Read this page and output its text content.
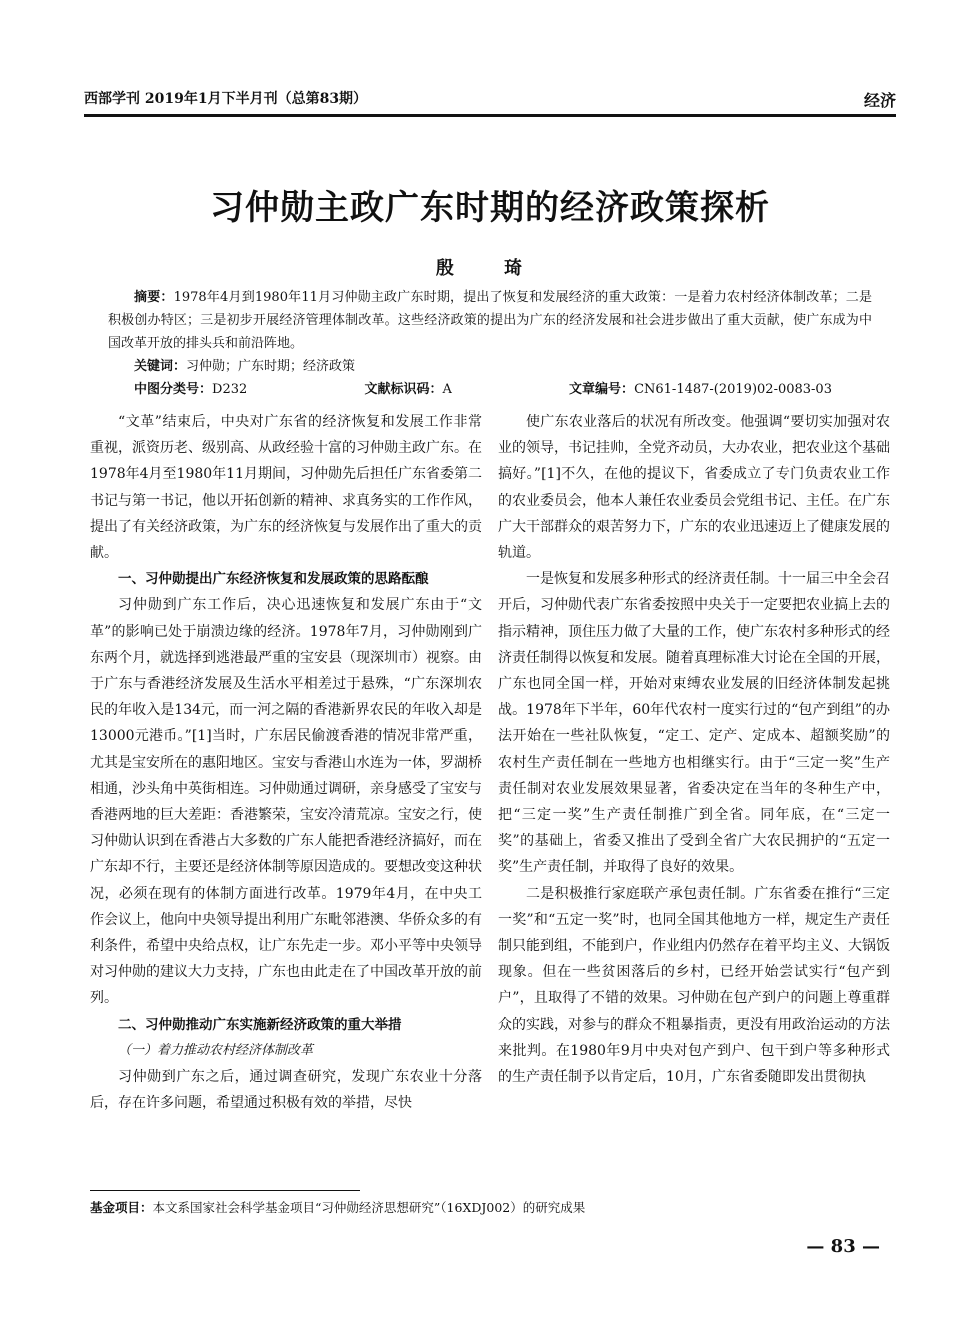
西部学刊 2019年1月下半月刊（总第83期）	经济
习仲勋主政广东时期的经济政策探析
殷 琦
摘要：1978年4月到1980年11月习仲勋主政广东时期，提出了恢复和发展经济的重大政策：一是着力农村经济体制改革；二是积极创办特区；三是初步开展经济管理体制改革。这些经济政策的提出为广东的经济发展和社会进步做出了重大贡献，使广东成为中国改革开放的排头兵和前沿阵地。
关键词：习仲勋；广东时期；经济政策
中图分类号：D232	文献标识码：A	文章编号：CN61-1487-(2019)02-0083-03

“文革”结束后，中央对广东省的经济恢复和发展工作非常重视，派资历老、级别高、从政经验十富的习仲勋主政广东。在1978年4月至1980年11月期间，习仲勋先后担任广东省委第二书记与第一书记，他以开拓创新的精神、求真务实的工作作风，提出了有关经济政策，为广东的经济恢复与发展作出了重大的贡献。

一、习仲勋提出广东经济恢复和发展政策的思路酝酿

习仲勋到广东工作后，决心迅速恢复和发展广东由于“文革”的影响已处于崩溃边缘的经济。1978年7月，习仲勋刚到广东两个月，就选择到逃港最严重的宝安县（现深圳市）视察。由于广东与香港经济发展及生活水平相差过于悬殊，“广东深圳农民的年收入是134元，而一河之隔的香港新界农民的年收入却是13000元港币。”[1]当时，广东居民偷渡香港的情况非常严重，尤其是宝安所在的惠阳地区。宝安与香港山水连为一体，罗湖桥相通，沙头角中英街相连。习仲勋通过调研，亲身感受了宝安与香港两地的巨大差距：香港繁荣，宝安冷清荒凉。宝安之行，使习仲勋认识到在香港占大多数的广东人能把香港经济搞好，而在广东却不行，主要还是经济体制等原因造成的。要想改变这种状况，必须在现有的体制方面进行改革。1979年4月，在中央工作会议上，他向中央领导提出利用广东毗邻港澳、华侨众多的有利条件，希望中央给点权，让广东先走一步。邓小平等中央领导对习仲勋的建议大力支持，广东也由此走在了中国改革开放的前列。

二、习仲勋推动广东实施新经济政策的重大举措

（一）着力推动农村经济体制改革

习仲勋到广东之后，通过调查研究，发现广东农业十分落后，存在许多问题，希望通过积极有效的举措，尽快

使广东农业落后的状况有所改变。他强调“要切实加强对农业的领导，书记挂帅，全党齐动员，大办农业，把农业这个基础搞好。”[1]不久，在他的提议下，省委成立了专门负责农业工作的农业委员会，他本人兼任农业委员会党组书记、主任。在广东广大干部群众的艰苦努力下，广东的农业迅速迈上了健康发展的轨道。

一是恢复和发展多种形式的经济责任制。十一届三中全会召开后，习仲勋代表广东省委按照中央关于一定要把农业搞上去的指示精神，顶住压力做了大量的工作，使广东农村多种形式的经济责任制得以恢复和发展。随着真理标准大讨论在全国的开展，广东也同全国一样，开始对束缚农业发展的旧经济体制发起挑战。1978年下半年，60年代农村一度实行过的“包产到组”的办法开始在一些社队恢复，“定工、定产、定成本、超额奖励”的农村生产责任制在一些地方也相继实行。由于“三定一奖”生产责任制对农业发展效果显著，省委决定在当年的冬种生产中，把“三定一奖”生产责任制推广到全省。同年底，在“三定一奖”的基础上，省委又推出了受到全省广大农民拥护的“五定一奖”生产责任制，并取得了良好的效果。

二是积极推行家庭联产承包责任制。广东省委在推行“三定一奖”和“五定一奖”时，也同全国其他地方一样，规定生产责任制只能到组，不能到户，作业组内仍然存在着平均主义、大锅饭现象。但在一些贫困落后的乡村，已经开始尝试实行“包产到户”，且取得了不错的效果。习仲勋在包产到户的问题上尊重群众的实践，对参与的群众不粗暴指责，更没有用政治运动的方法来批判。在1980年9月中央对包产到户、包干到户等多种形式的生产责任制予以肯定后，10月，广东省委随即发出贯彻执

基金项目：本文系国家社会科学基金项目“习仲勋经济思想研究”（16XDJ002）的研究成果
— 83 —
